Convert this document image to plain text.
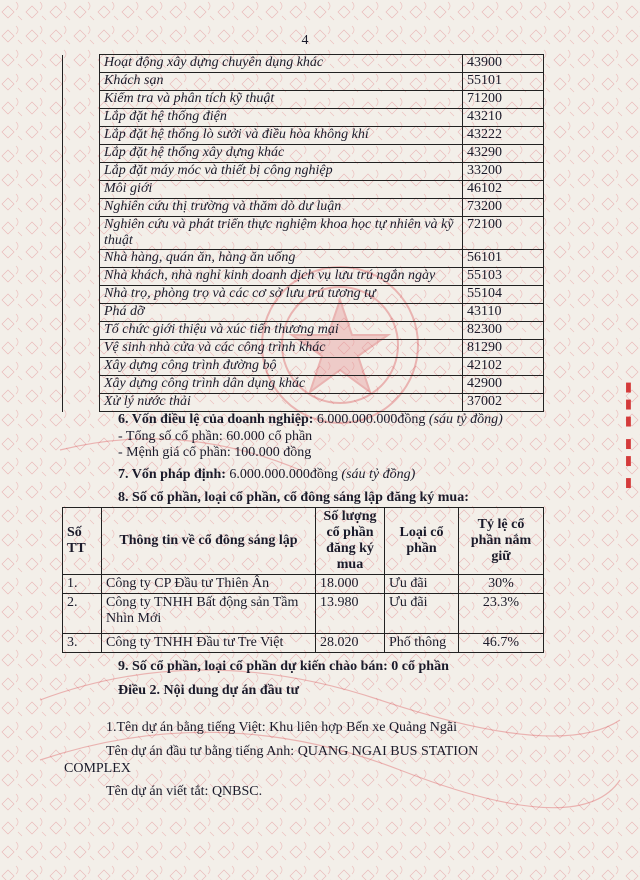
4
	Hoạt động xây dựng chuyên dụng khác	43900
	Khách sạn	55101
	Kiểm tra và phân tích kỹ thuật	71200
	Lắp đặt hệ thống điện	43210
	Lắp đặt hệ thống lò sưởi và điều hòa không khí	43222
	Lắp đặt hệ thống xây dựng khác	43290
	Lắp đặt máy móc và thiết bị công nghiệp	33200
	Môi giới	46102
	Nghiên cứu thị trường và thăm dò dư luận	73200
	Nghiên cứu và phát triển thực nghiệm khoa học tự nhiên và kỹ thuật	72100
	Nhà hàng, quán ăn, hàng ăn uống	56101
	Nhà khách, nhà nghỉ kinh doanh dịch vụ lưu trú ngắn ngày	55103
	Nhà trọ, phòng trọ và các cơ sở lưu trú tương tự	55104
	Phá dỡ	43110
	Tổ chức giới thiệu và xúc tiến thương mại	82300
	Vệ sinh nhà cửa và các công trình khác	81290
	Xây dựng công trình đường bộ	42102
	Xây dựng công trình dân dụng khác	42900
	Xử lý nước thải	37002
6. Vốn điều lệ của doanh nghiệp: 6.000.000.000đồng (sáu tỷ đồng)
- Tổng số cổ phần: 60.000 cổ phần
- Mệnh giá cổ phần: 100.000 đồng
7. Vốn pháp định: 6.000.000.000đồng (sáu tỷ đồng)
8. Số cổ phần, loại cổ phần, cổ đông sáng lập đăng ký mua:
Số TT	Thông tin về cổ đông sáng lập	Số lượng cổ phần đăng ký mua	Loại cổ phần	Tỷ lệ cổ phần nắm giữ
1.	Công ty CP Đầu tư Thiên Ân	18.000	Ưu đãi	30%
2.	Công ty TNHH Bất động sản Tầm Nhìn Mới	13.980	Ưu đãi	23.3%
3.	Công ty TNHH Đầu tư Tre Việt	28.020	Phổ thông	46.7%
9. Số cổ phần, loại cổ phần dự kiến chào bán: 0 cổ phần
Điều 2. Nội dung dự án đầu tư
1.Tên dự án bằng tiếng Việt: Khu liên hợp Bến xe Quảng Ngãi
Tên dự án đầu tư bằng tiếng Anh: QUANG NGAI BUS STATION
COMPLEX
Tên dự án viết tắt: QNBSC.
▮▮▮ ▮▮ ▮
